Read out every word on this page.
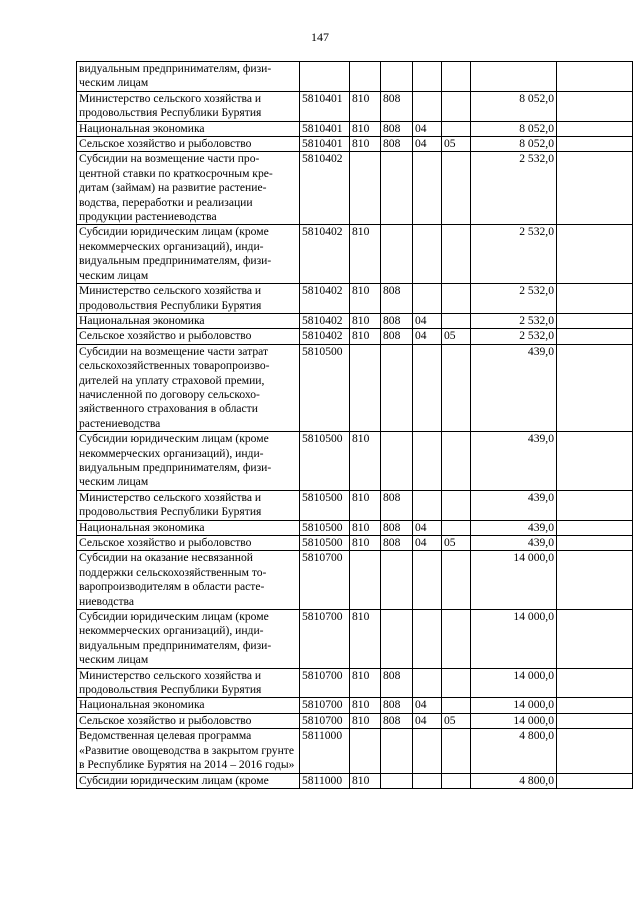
147
видуальным предпринимателям, физи-ческим лицам							
Министерство сельского хозяйства и продовольствия Республики Бурятия	5810401	810	808			8 052,0	
Национальная экономика	5810401	810	808	04		8 052,0	
Сельское хозяйство и рыболовство	5810401	810	808	04	05	8 052,0	
Субсидии на возмещение части про-центной ставки по краткосрочным кре-дитам (займам) на развитие растение-водства, переработки и реализации продукции растениеводства	5810402					2 532,0	
Субсидии юридическим лицам (кроме некоммерческих организаций), инди-видуальным предпринимателям, физи-ческим лицам	5810402	810				2 532,0	
Министерство сельского хозяйства и продовольствия Республики Бурятия	5810402	810	808			2 532,0	
Национальная экономика	5810402	810	808	04		2 532,0	
Сельское хозяйство и рыболовство	5810402	810	808	04	05	2 532,0	
Субсидии на возмещение части затрат сельскохозяйственных товаропроизво-дителей на уплату страховой премии, начисленной по договору сельскохо-зяйственного страхования в области растениеводства	5810500					439,0	
Субсидии юридическим лицам (кроме некоммерческих организаций), инди-видуальным предпринимателям, физи-ческим лицам	5810500	810				439,0	
Министерство сельского хозяйства и продовольствия Республики Бурятия	5810500	810	808			439,0	
Национальная экономика	5810500	810	808	04		439,0	
Сельское хозяйство и рыболовство	5810500	810	808	04	05	439,0	
Субсидии на оказание несвязанной поддержки сельскохозяйственным то-варопроизводителям в области расте-ниеводства	5810700					14 000,0	
Субсидии юридическим лицам (кроме некоммерческих организаций), инди-видуальным предпринимателям, физи-ческим лицам	5810700	810				14 000,0	
Министерство сельского хозяйства и продовольствия Республики Бурятия	5810700	810	808			14 000,0	
Национальная экономика	5810700	810	808	04		14 000,0	
Сельское хозяйство и рыболовство	5810700	810	808	04	05	14 000,0	
Ведомственная целевая программа «Развитие овощеводства в закрытом грунте в Республике Бурятия на 2014 – 2016 годы»	5811000					4 800,0	
Субсидии юридическим лицам (кроме	5811000	810				4 800,0	
